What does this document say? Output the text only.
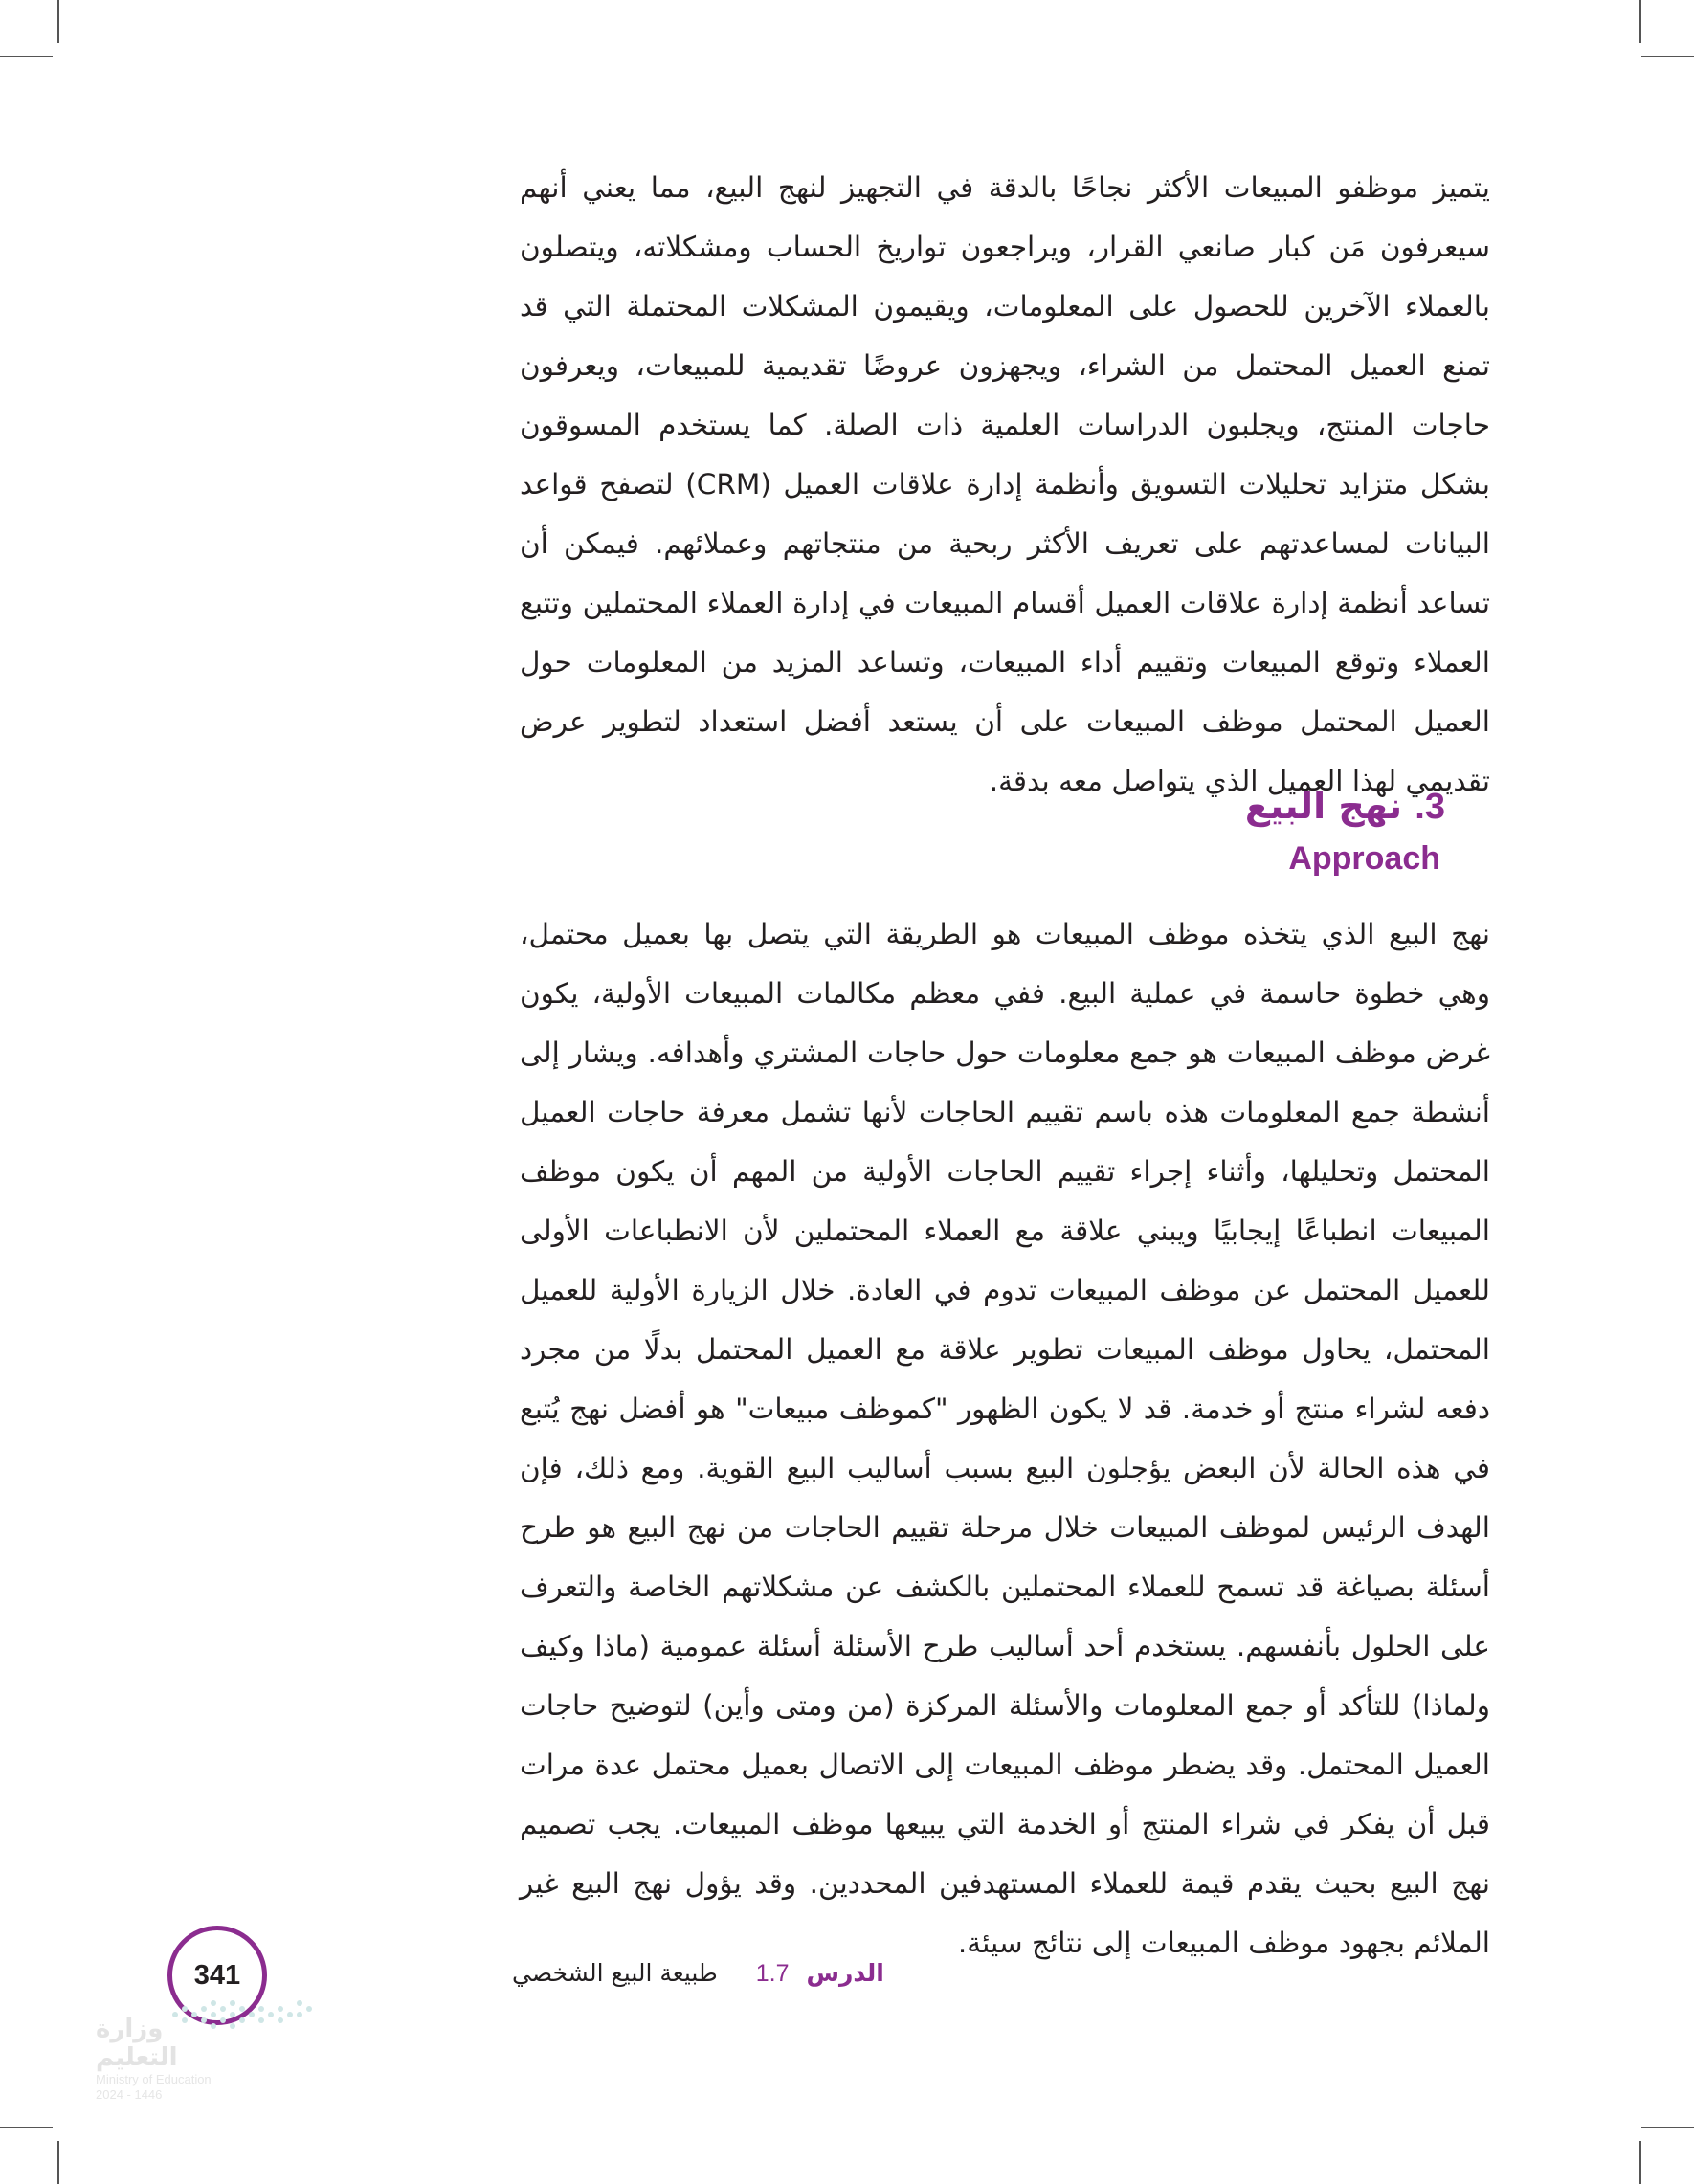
يتميز موظفو المبيعات الأكثر نجاحًا بالدقة في التجهيز لنهج البيع، مما يعني أنهم سيعرفون مَن كبار صانعي القرار، ويراجعون تواريخ الحساب ومشكلاته، ويتصلون بالعملاء الآخرين للحصول على المعلومات، ويقيمون المشكلات المحتملة التي قد تمنع العميل المحتمل من الشراء، ويجهزون عروضًا تقديمية للمبيعات، ويعرفون حاجات المنتج، ويجلبون الدراسات العلمية ذات الصلة. كما يستخدم المسوقون بشكل متزايد تحليلات التسويق وأنظمة إدارة علاقات العميل (CRM) لتصفح قواعد البيانات لمساعدتهم على تعريف الأكثر ربحية من منتجاتهم وعملائهم. فيمكن أن تساعد أنظمة إدارة علاقات العميل أقسام المبيعات في إدارة العملاء المحتملين وتتبع العملاء وتوقع المبيعات وتقييم أداء المبيعات، وتساعد المزيد من المعلومات حول العميل المحتمل موظف المبيعات على أن يستعد أفضل استعداد لتطوير عرض تقديمي لهذا العميل الذي يتواصل معه بدقة.

3. نهج البيع
Approach

نهج البيع الذي يتخذه موظف المبيعات هو الطريقة التي يتصل بها بعميل محتمل، وهي خطوة حاسمة في عملية البيع. ففي معظم مكالمات المبيعات الأولية، يكون غرض موظف المبيعات هو جمع معلومات حول حاجات المشتري وأهدافه. ويشار إلى أنشطة جمع المعلومات هذه باسم تقييم الحاجات لأنها تشمل معرفة حاجات العميل المحتمل وتحليلها، وأثناء إجراء تقييم الحاجات الأولية من المهم أن يكون موظف المبيعات انطباعًا إيجابيًا ويبني علاقة مع العملاء المحتملين لأن الانطباعات الأولى للعميل المحتمل عن موظف المبيعات تدوم في العادة. خلال الزيارة الأولية للعميل المحتمل، يحاول موظف المبيعات تطوير علاقة مع العميل المحتمل بدلًا من مجرد دفعه لشراء منتج أو خدمة. قد لا يكون الظهور "كموظف مبيعات" هو أفضل نهج يُتبع في هذه الحالة لأن البعض يؤجلون البيع بسبب أساليب البيع القوية. ومع ذلك، فإن الهدف الرئيس لموظف المبيعات خلال مرحلة تقييم الحاجات من نهج البيع هو طرح أسئلة بصياغة قد تسمح للعملاء المحتملين بالكشف عن مشكلاتهم الخاصة والتعرف على الحلول بأنفسهم. يستخدم أحد أساليب طرح الأسئلة أسئلة عمومية (ماذا وكيف ولماذا) للتأكد أو جمع المعلومات والأسئلة المركزة (من ومتى وأين) لتوضيح حاجات العميل المحتمل. وقد يضطر موظف المبيعات إلى الاتصال بعميل محتمل عدة مرات قبل أن يفكر في شراء المنتج أو الخدمة التي يبيعها موظف المبيعات. يجب تصميم نهج البيع بحيث يقدم قيمة للعملاء المستهدفين المحددين. وقد يؤول نهج البيع غير الملائم بجهود موظف المبيعات إلى نتائج سيئة.

الدرس 1.7 طبيعة البيع الشخصي
341
وزارة التعليم
Ministry of Education
2024 - 1446
